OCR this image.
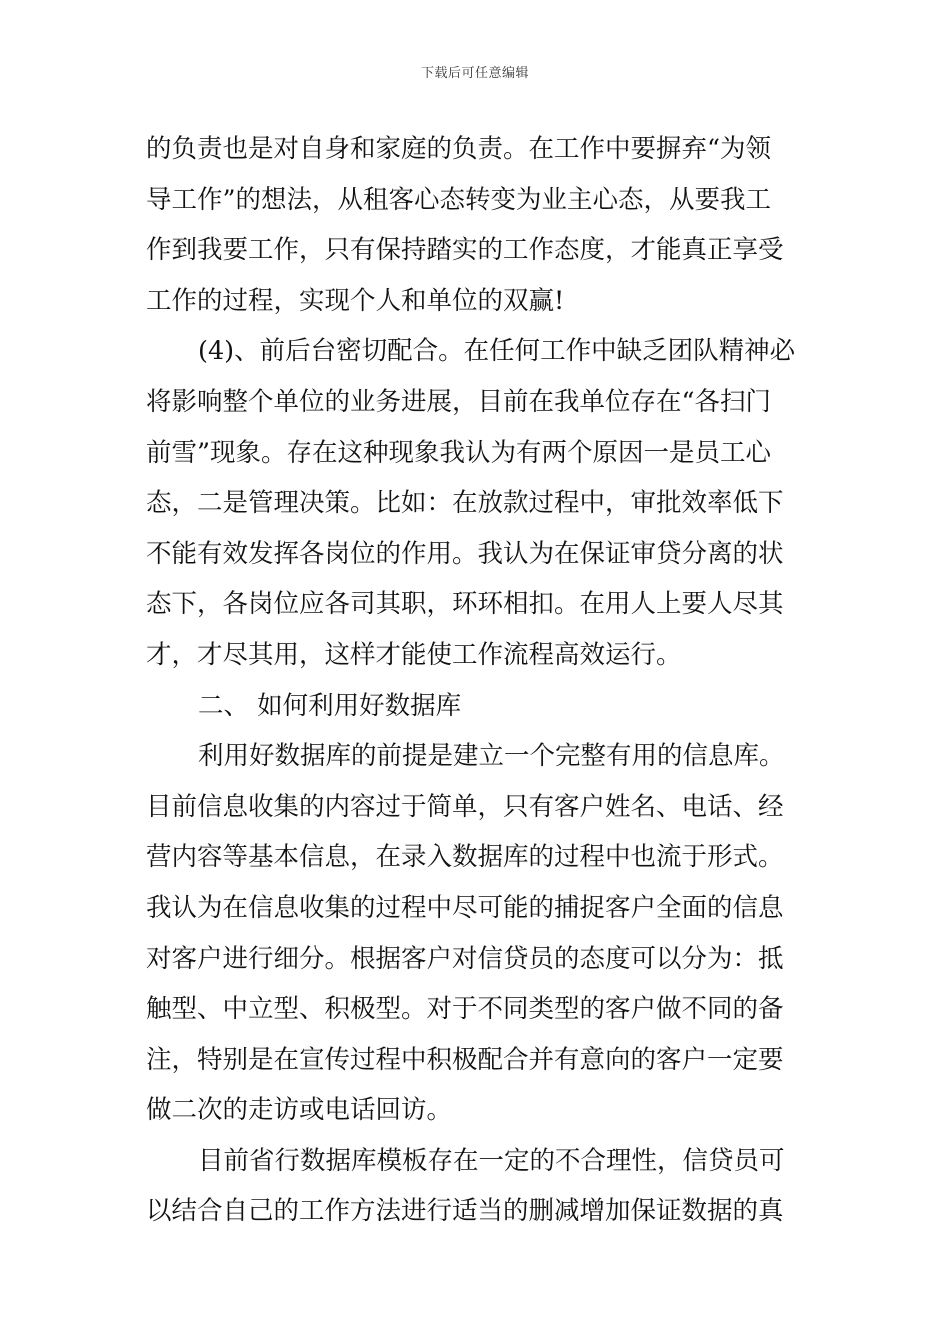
下载后可任意编辑
的负责也是对自身和家庭的负责。在工作中要摒弃“为领
导工作”的想法，从租客心态转变为业主心态，从要我工
作到我要工作，只有保持踏实的工作态度，才能真正享受
工作的过程，实现个人和单位的双赢!
(4)、前后台密切配合。在任何工作中缺乏团队精神必
将影响整个单位的业务进展，目前在我单位存在“各扫门
前雪”现象。存在这种现象我认为有两个原因一是员工心
态，二是管理决策。比如：在放款过程中，审批效率低下
不能有效发挥各岗位的作用。我认为在保证审贷分离的状
态下，各岗位应各司其职，环环相扣。在用人上要人尽其
才，才尽其用，这样才能使工作流程高效运行。
二、 如何利用好数据库
利用好数据库的前提是建立一个完整有用的信息库。
目前信息收集的内容过于简单，只有客户姓名、电话、经
营内容等基本信息，在录入数据库的过程中也流于形式。
我认为在信息收集的过程中尽可能的捕捉客户全面的信息
对客户进行细分。根据客户对信贷员的态度可以分为：抵
触型、中立型、积极型。对于不同类型的客户做不同的备
注，特别是在宣传过程中积极配合并有意向的客户一定要
做二次的走访或电话回访。
目前省行数据库模板存在一定的不合理性，信贷员可
以结合自己的工作方法进行适当的删减增加保证数据的真
